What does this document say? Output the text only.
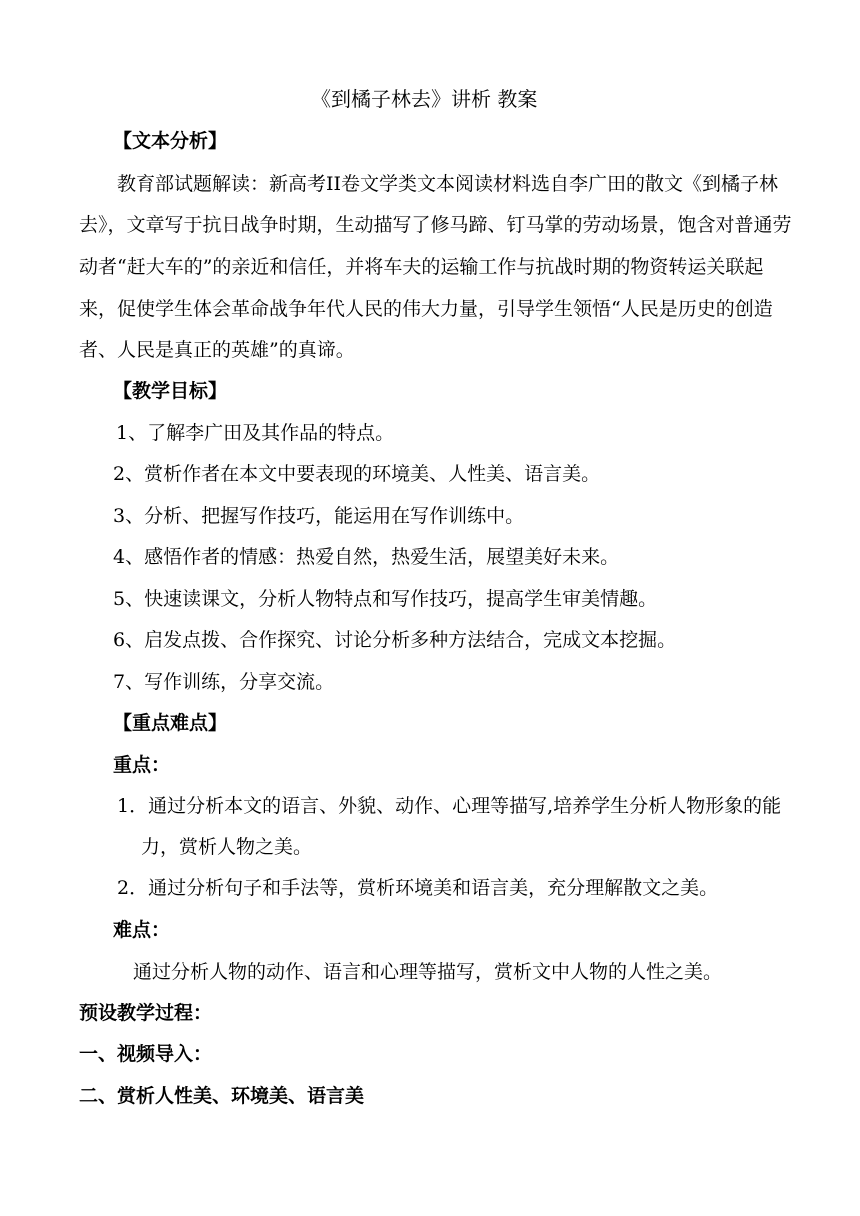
《到橘子林去》讲析 教案
【文本分析】
教育部试题解读：新高考II卷文学类文本阅读材料选自李广田的散文《到橘子林
去》，文章写于抗日战争时期，生动描写了修马蹄、钉马掌的劳动场景，饱含对普通劳
动者“赶大车的”的亲近和信任，并将车夫的运输工作与抗战时期的物资转运关联起
来，促使学生体会革命战争年代人民的伟大力量，引导学生领悟“人民是历史的创造
者、人民是真正的英雄”的真谛。
【教学目标】
1、了解李广田及其作品的特点。
2、赏析作者在本文中要表现的环境美、人性美、语言美。
3、分析、把握写作技巧，能运用在写作训练中。
4、感悟作者的情感：热爱自然，热爱生活，展望美好未来。
5、快速读课文，分析人物特点和写作技巧，提高学生审美情趣。
6、启发点拨、合作探究、讨论分析多种方法结合，完成文本挖掘。
7、写作训练，分享交流。
【重点难点】
重点：
1．通过分析本文的语言、外貌、动作、心理等描写,培养学生分析人物形象的能
力，赏析人物之美。
2．通过分析句子和手法等，赏析环境美和语言美，充分理解散文之美。
难点：
通过分析人物的动作、语言和心理等描写，赏析文中人物的人性之美。
预设教学过程：
一、视频导入：
二、赏析人性美、环境美、语言美
